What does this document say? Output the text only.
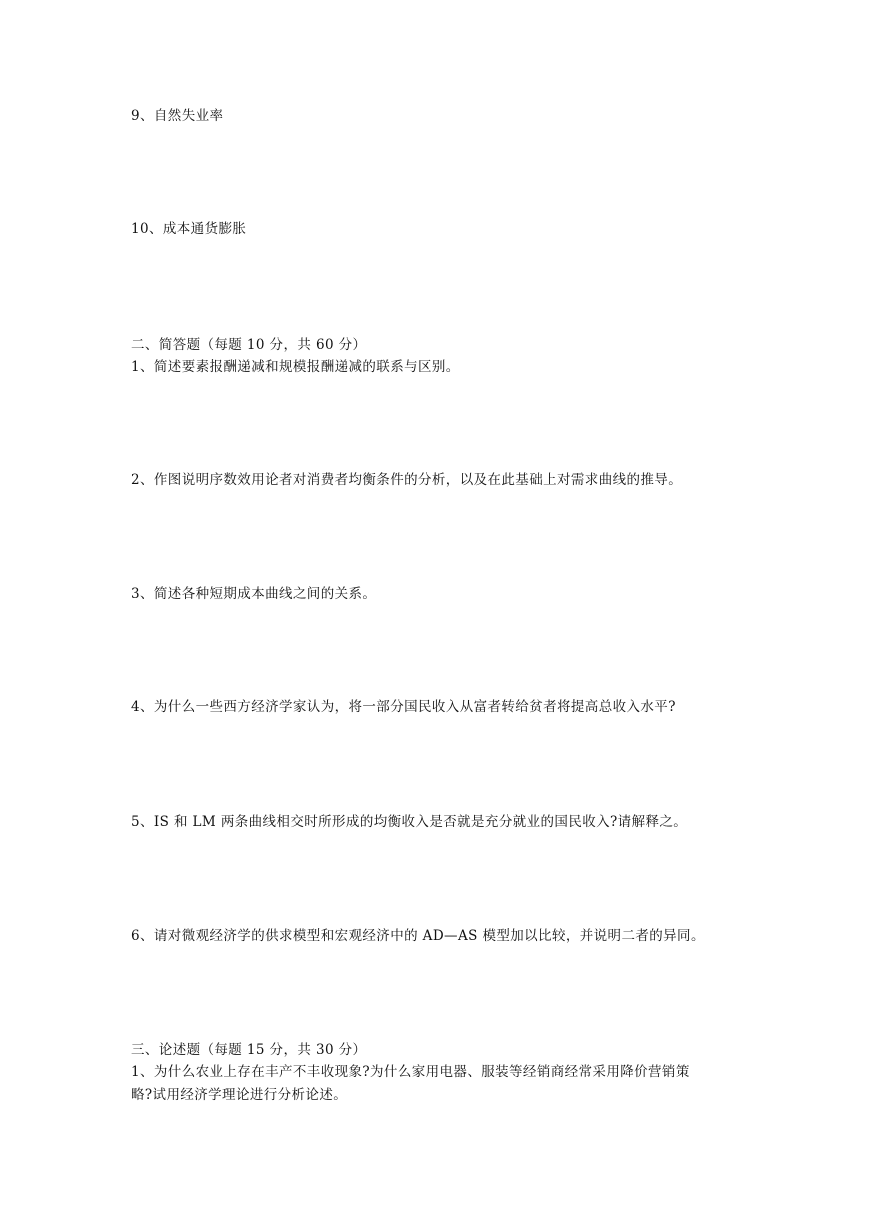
9、自然失业率
10、成本通货膨胀
二、简答题（每题 10 分，共 60 分）
1、简述要素报酬递减和规模报酬递减的联系与区别。
2、作图说明序数效用论者对消费者均衡条件的分析，以及在此基础上对需求曲线的推导。
3、简述各种短期成本曲线之间的关系。
4、为什么一些西方经济学家认为，将一部分国民收入从富者转给贫者将提高总收入水平?
5、IS 和 LM 两条曲线相交时所形成的均衡收入是否就是充分就业的国民收入?请解释之。
6、请对微观经济学的供求模型和宏观经济中的 AD—AS 模型加以比较，并说明二者的异同。
三、论述题（每题 15 分，共 30 分）
1、为什么农业上存在丰产不丰收现象?为什么家用电器、服装等经销商经常采用降价营销策
略?试用经济学理论进行分析论述。
